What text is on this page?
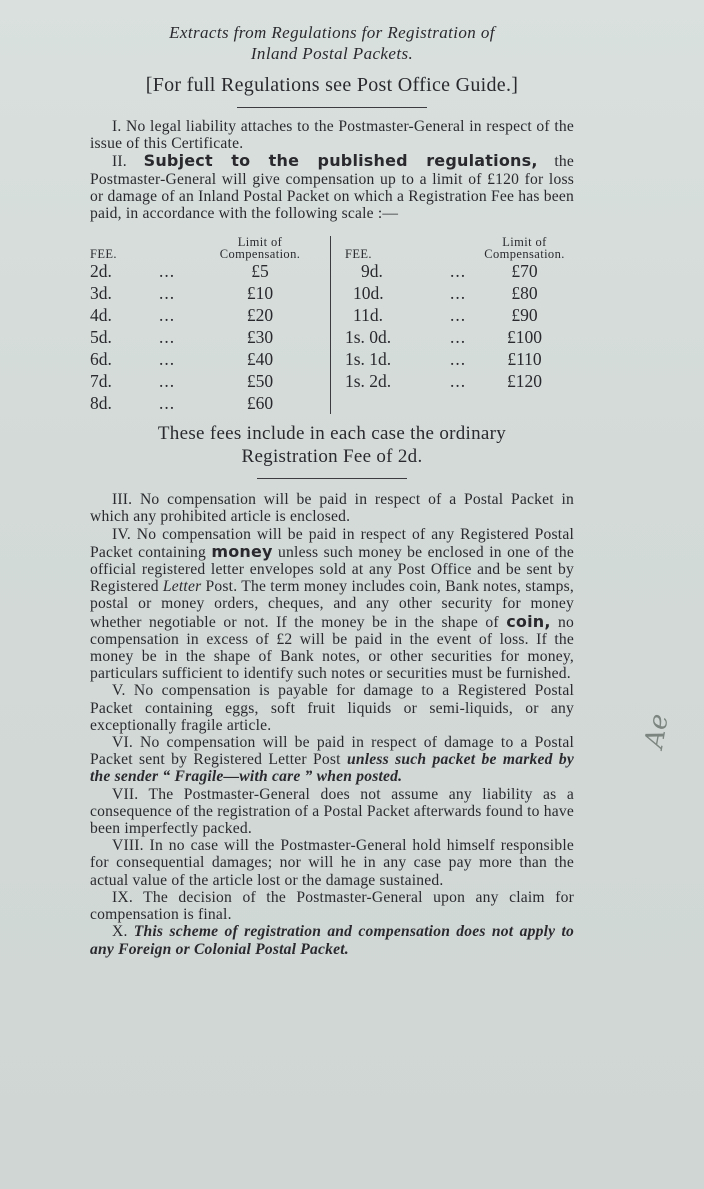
Extracts from Regulations for Registration of
Inland Postal Packets.
[For full Regulations see Post Office Guide.]

I. No legal liability attaches to the Postmaster-General in respect of the issue of this Certificate.

II. Subject to the published regulations, the Postmaster-General will give compensation up to a limit of £120 for loss or damage of an Inland Postal Packet on which a Registration Fee has been paid, in accordance with the following scale :—

FEE.		Limit of
Compensation.	FEE.		Limit of
Compensation.
2d.	...	£5	9d.	...	£70
3d.	...	£10	10d.	...	£80
4d.	...	£20	11d.	...	£90
5d.	...	£30	1s. 0d.	...	£100
6d.	...	£40	1s. 1d.	...	£110
7d.	...	£50	1s. 2d.	...	£120
8d.	...	£60			
These fees include in each case the ordinary
Registration Fee of 2d.

III. No compensation will be paid in respect of a Postal Packet in which any prohibited article is enclosed.

IV. No compensation will be paid in respect of any Registered Postal Packet containing money unless such money be enclosed in one of the official registered letter envelopes sold at any Post Office and be sent by Registered Letter Post. The term money includes coin, Bank notes, stamps, postal or money orders, cheques, and any other security for money whether negotiable or not. If the money be in the shape of coin, no compensation in excess of £2 will be paid in the event of loss. If the money be in the shape of Bank notes, or other securities for money, particulars sufficient to identify such notes or securities must be furnished.

V. No compensation is payable for damage to a Registered Postal Packet containing eggs, soft fruit liquids or semi-liquids, or any exceptionally fragile article.

VI. No compensation will be paid in respect of damage to a Postal Packet sent by Registered Letter Post unless such packet be marked by the sender “ Fragile—with care ” when posted.

VII. The Postmaster-General does not assume any liability as a consequence of the registration of a Postal Packet afterwards found to have been imperfectly packed.

VIII. In no case will the Postmaster-General hold himself responsible for consequential damages; nor will he in any case pay more than the actual value of the article lost or the damage sustained.

IX. The decision of the Postmaster-General upon any claim for compensation is final.

X. This scheme of registration and compensation does not apply to any Foreign or Colonial Postal Packet.

Ae
